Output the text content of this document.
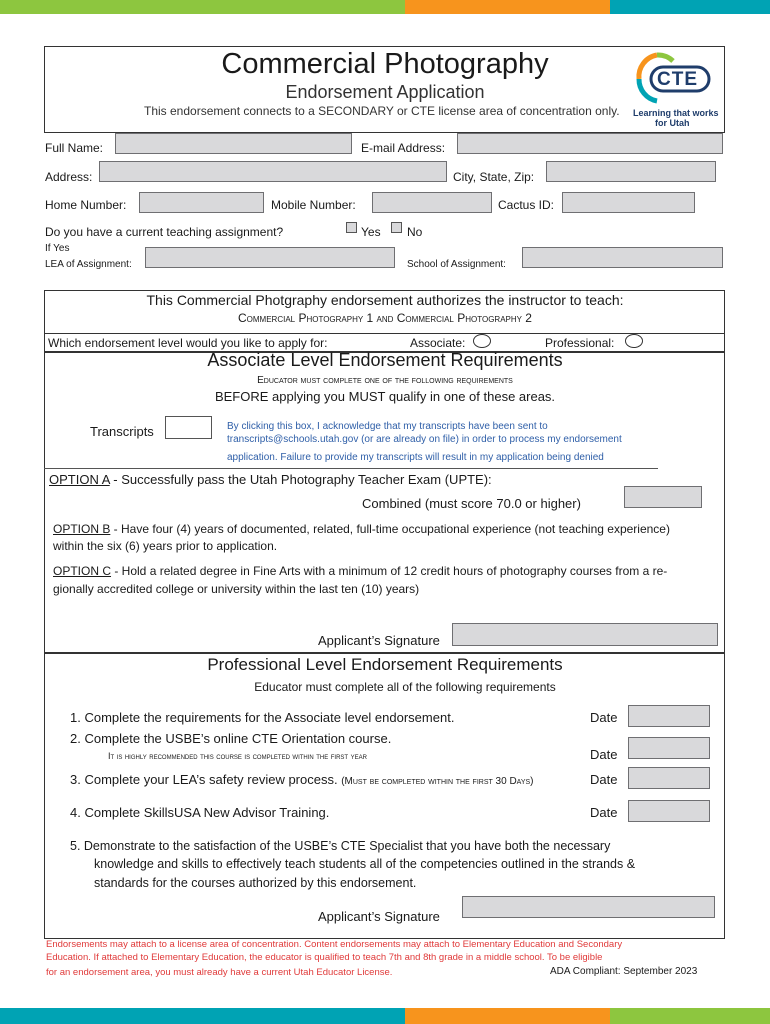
Commercial Photography
Endorsement Application
This endorsement connects to a SECONDARY or CTE license area of concentration only.
CTE
Learning that works
for Utah
Full Name:	E-mail Address:
Address:	City, State, Zip:
Home Number:	Mobile Number:	Cactus ID:
Do you have a current teaching assignment?	Yes No
If Yes
LEA of Assignment:	School of Assignment:
This Commercial Photgraphy endorsement authorizes the instructor to teach:
Commercial Photography 1 and Commercial Photography 2
Which endorsement level would you like to apply for:	Associate:	Professional:
Associate Level Endorsement Requirements
Educator must complete one of the following requirements
BEFORE applying you MUST qualify in one of these areas.
Transcripts	By clicking this box, I acknowledge that my transcripts have been sent to
transcripts@schools.utah.gov (or are already on file) in order to process my endorsement
application. Failure to provide my transcripts will result in my application being denied
OPTION A - Successfully pass the Utah Photography Teacher Exam (UPTE):
Combined (must score 70.0 or higher)
OPTION B - Have four (4) years of documented, related, full-time occupational experience (not teaching experience)
within the six (6) years prior to application.
OPTION C - Hold a related degree in Fine Arts with a minimum of 12 credit hours of photography courses from a re-
gionally accredited college or university within the last ten (10) years)
Applicant’s Signature
Professional Level Endorsement Requirements
Educator must complete all of the following requirements
1. Complete the requirements for the Associate level endorsement.	Date
2. Complete the USBE’s online CTE Orientation course.
It is highly recommended this course is completed within the first year	Date
3. Complete your LEA’s safety review process. (Must be completed within the first 30 Days)	Date
4. Complete SkillsUSA New Advisor Training.	Date
5. Demonstrate to the satisfaction of the USBE’s CTE Specialist that you have both the necessary
knowledge and skills to effectively teach students all of the competencies outlined in the strands &
standards for the courses authorized by this endorsement.
Applicant’s Signature
Endorsements may attach to a license area of concentration. Content endorsements may attach to Elementary Education and Secondary
Education. If attached to Elementary Education, the educator is qualified to teach 7th and 8th grade in a middle school. To be eligible
for an endorsement area, you must already have a current Utah Educator License.	ADA Compliant: September 2023
